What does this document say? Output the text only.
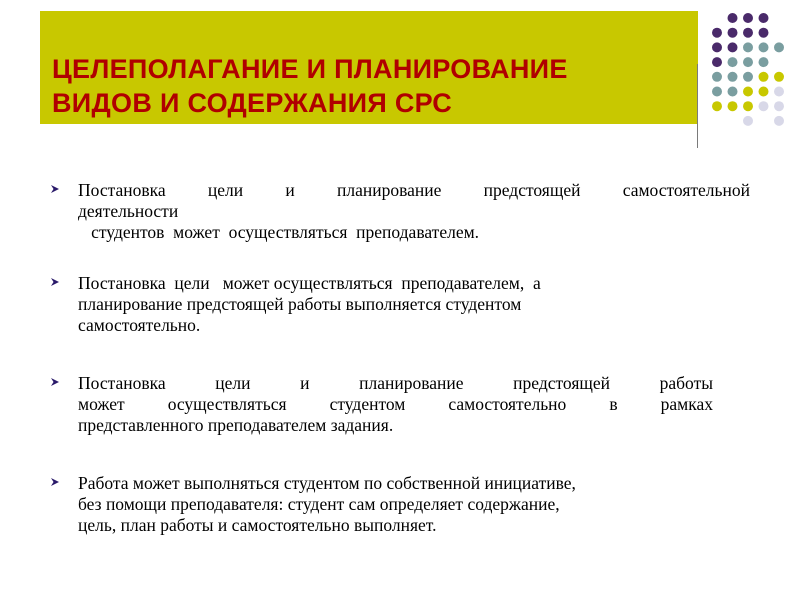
ЦЕЛЕПОЛАГАНИЕ И ПЛАНИРОВАНИЕ
ВИДОВ И СОДЕРЖАНИЯ СРС
Постановка цели и планирование предстоящей самостоятельной
деятельности
студентов  может  осуществляться  преподавателем.
Постановка  цели   может осуществляться  преподавателем,  а
планирование предстоящей работы выполняется студентом
самостоятельно.
Постановка цели и планирование предстоящей работы
может осуществляться студентом самостоятельно в рамках
представленного преподавателем задания.
Работа может выполняться студентом по собственной инициативе,
без помощи преподавателя: студент сам определяет содержание,
цель, план работы и самостоятельно выполняет.
